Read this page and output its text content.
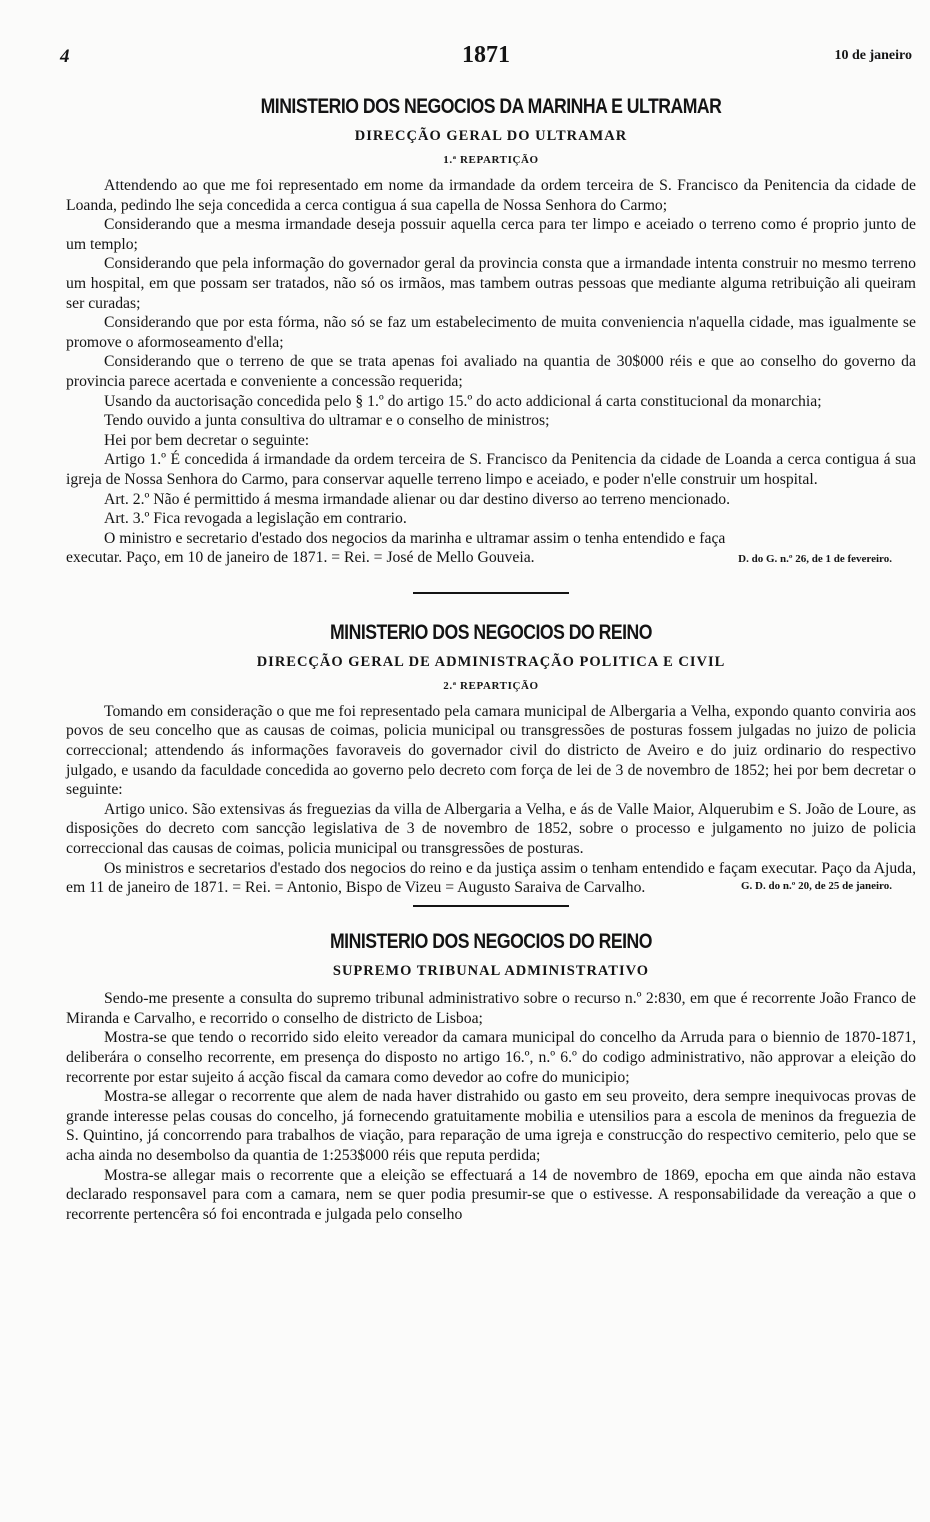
4	1871	10 de janeiro
MINISTERIO DOS NEGOCIOS DA MARINHA E ULTRAMAR
DIRECÇÃO GERAL DO ULTRAMAR
1.ª REPARTIÇÃO

Attendendo ao que me foi representado em nome da irmandade da ordem terceira de S. Francisco da Penitencia da cidade de Loanda, pedindo lhe seja concedida a cerca contigua á sua capella de Nossa Senhora do Carmo;

Considerando que a mesma irmandade deseja possuir aquella cerca para ter limpo e aceiado o terreno como é proprio junto de um templo;

Considerando que pela informação do governador geral da provincia consta que a irmandade intenta construir no mesmo terreno um hospital, em que possam ser tratados, não só os irmãos, mas tambem outras pessoas que mediante alguma retribuição ali queiram ser curadas;

Considerando que por esta fórma, não só se faz um estabelecimento de muita conveniencia n'aquella cidade, mas igualmente se promove o aformoseamento d'ella;

Considerando que o terreno de que se trata apenas foi avaliado na quantia de 30$000 réis e que ao conselho do governo da provincia parece acertada e conveniente a concessão requerida;

Usando da auctorisação concedida pelo § 1.º do artigo 15.º do acto addicional á carta constitucional da monarchia;

Tendo ouvido a junta consultiva do ultramar e o conselho de ministros;

Hei por bem decretar o seguinte:

Artigo 1.º É concedida á irmandade da ordem terceira de S. Francisco da Penitencia da cidade de Loanda a cerca contigua á sua igreja de Nossa Senhora do Carmo, para conservar aquelle terreno limpo e aceiado, e poder n'elle construir um hospital.

Art. 2.º Não é permittido á mesma irmandade alienar ou dar destino diverso ao terreno mencionado.

Art. 3.º Fica revogada a legislação em contrario.

O ministro e secretario d'estado dos negocios da marinha e ultramar assim o tenha entendido e faça

executar. Paço, em 10 de janeiro de 1871. = Rei. = José de Mello Gouveia.	D. do G. n.º 26, de 1 de fevereiro.
MINISTERIO DOS NEGOCIOS DO REINO
DIRECÇÃO GERAL DE ADMINISTRAÇÃO POLITICA E CIVIL
2.ª REPARTIÇÃO

Tomando em consideração o que me foi representado pela camara municipal de Albergaria a Velha, expondo quanto conviria aos povos de seu concelho que as causas de coimas, policia municipal ou transgressões de posturas fossem julgadas no juizo de policia correccional; attendendo ás informações favoraveis do governador civil do districto de Aveiro e do juiz ordinario do respectivo julgado, e usando da faculdade concedida ao governo pelo decreto com força de lei de 3 de novembro de 1852; hei por bem decretar o seguinte:

Artigo unico. São extensivas ás freguezias da villa de Albergaria a Velha, e ás de Valle Maior, Alquerubim e S. João de Loure, as disposições do decreto com sancção legislativa de 3 de novembro de 1852, sobre o processo e julgamento no juizo de policia correccional das causas de coimas, policia municipal ou transgressões de posturas.

Os ministros e secretarios d'estado dos negocios do reino e da justiça assim o tenham entendido e façam executar. Paço da Ajuda, em 11 de janeiro de 1871. = Rei. = Antonio, Bispo de Vizeu = Augusto Saraiva de Carvalho.	G. D. do n.º 20, de 25 de janeiro.
MINISTERIO DOS NEGOCIOS DO REINO
SUPREMO TRIBUNAL ADMINISTRATIVO

Sendo-me presente a consulta do supremo tribunal administrativo sobre o recurso n.º 2:830, em que é recorrente João Franco de Miranda e Carvalho, e recorrido o conselho de districto de Lisboa;

Mostra-se que tendo o recorrido sido eleito vereador da camara municipal do concelho da Arruda para o biennio de 1870-1871, deliberára o conselho recorrente, em presença do disposto no artigo 16.º, n.º 6.º do codigo administrativo, não approvar a eleição do recorrente por estar sujeito á acção fiscal da camara como devedor ao cofre do municipio;

Mostra-se allegar o recorrente que alem de nada haver distrahido ou gasto em seu proveito, dera sempre inequivocas provas de grande interesse pelas cousas do concelho, já fornecendo gratuitamente mobilia e utensilios para a escola de meninos da freguezia de S. Quintino, já concorrendo para trabalhos de viação, para reparação de uma igreja e construcção do respectivo cemiterio, pelo que se acha ainda no desembolso da quantia de 1:253$000 réis que reputa perdida;

Mostra-se allegar mais o recorrente que a eleição se effectuará a 14 de novembro de 1869, epocha em que ainda não estava declarado responsavel para com a camara, nem se quer podia presumir-se que o estivesse. A responsabilidade da vereação a que o recorrente pertencêra só foi encontrada e julgada pelo conselho
